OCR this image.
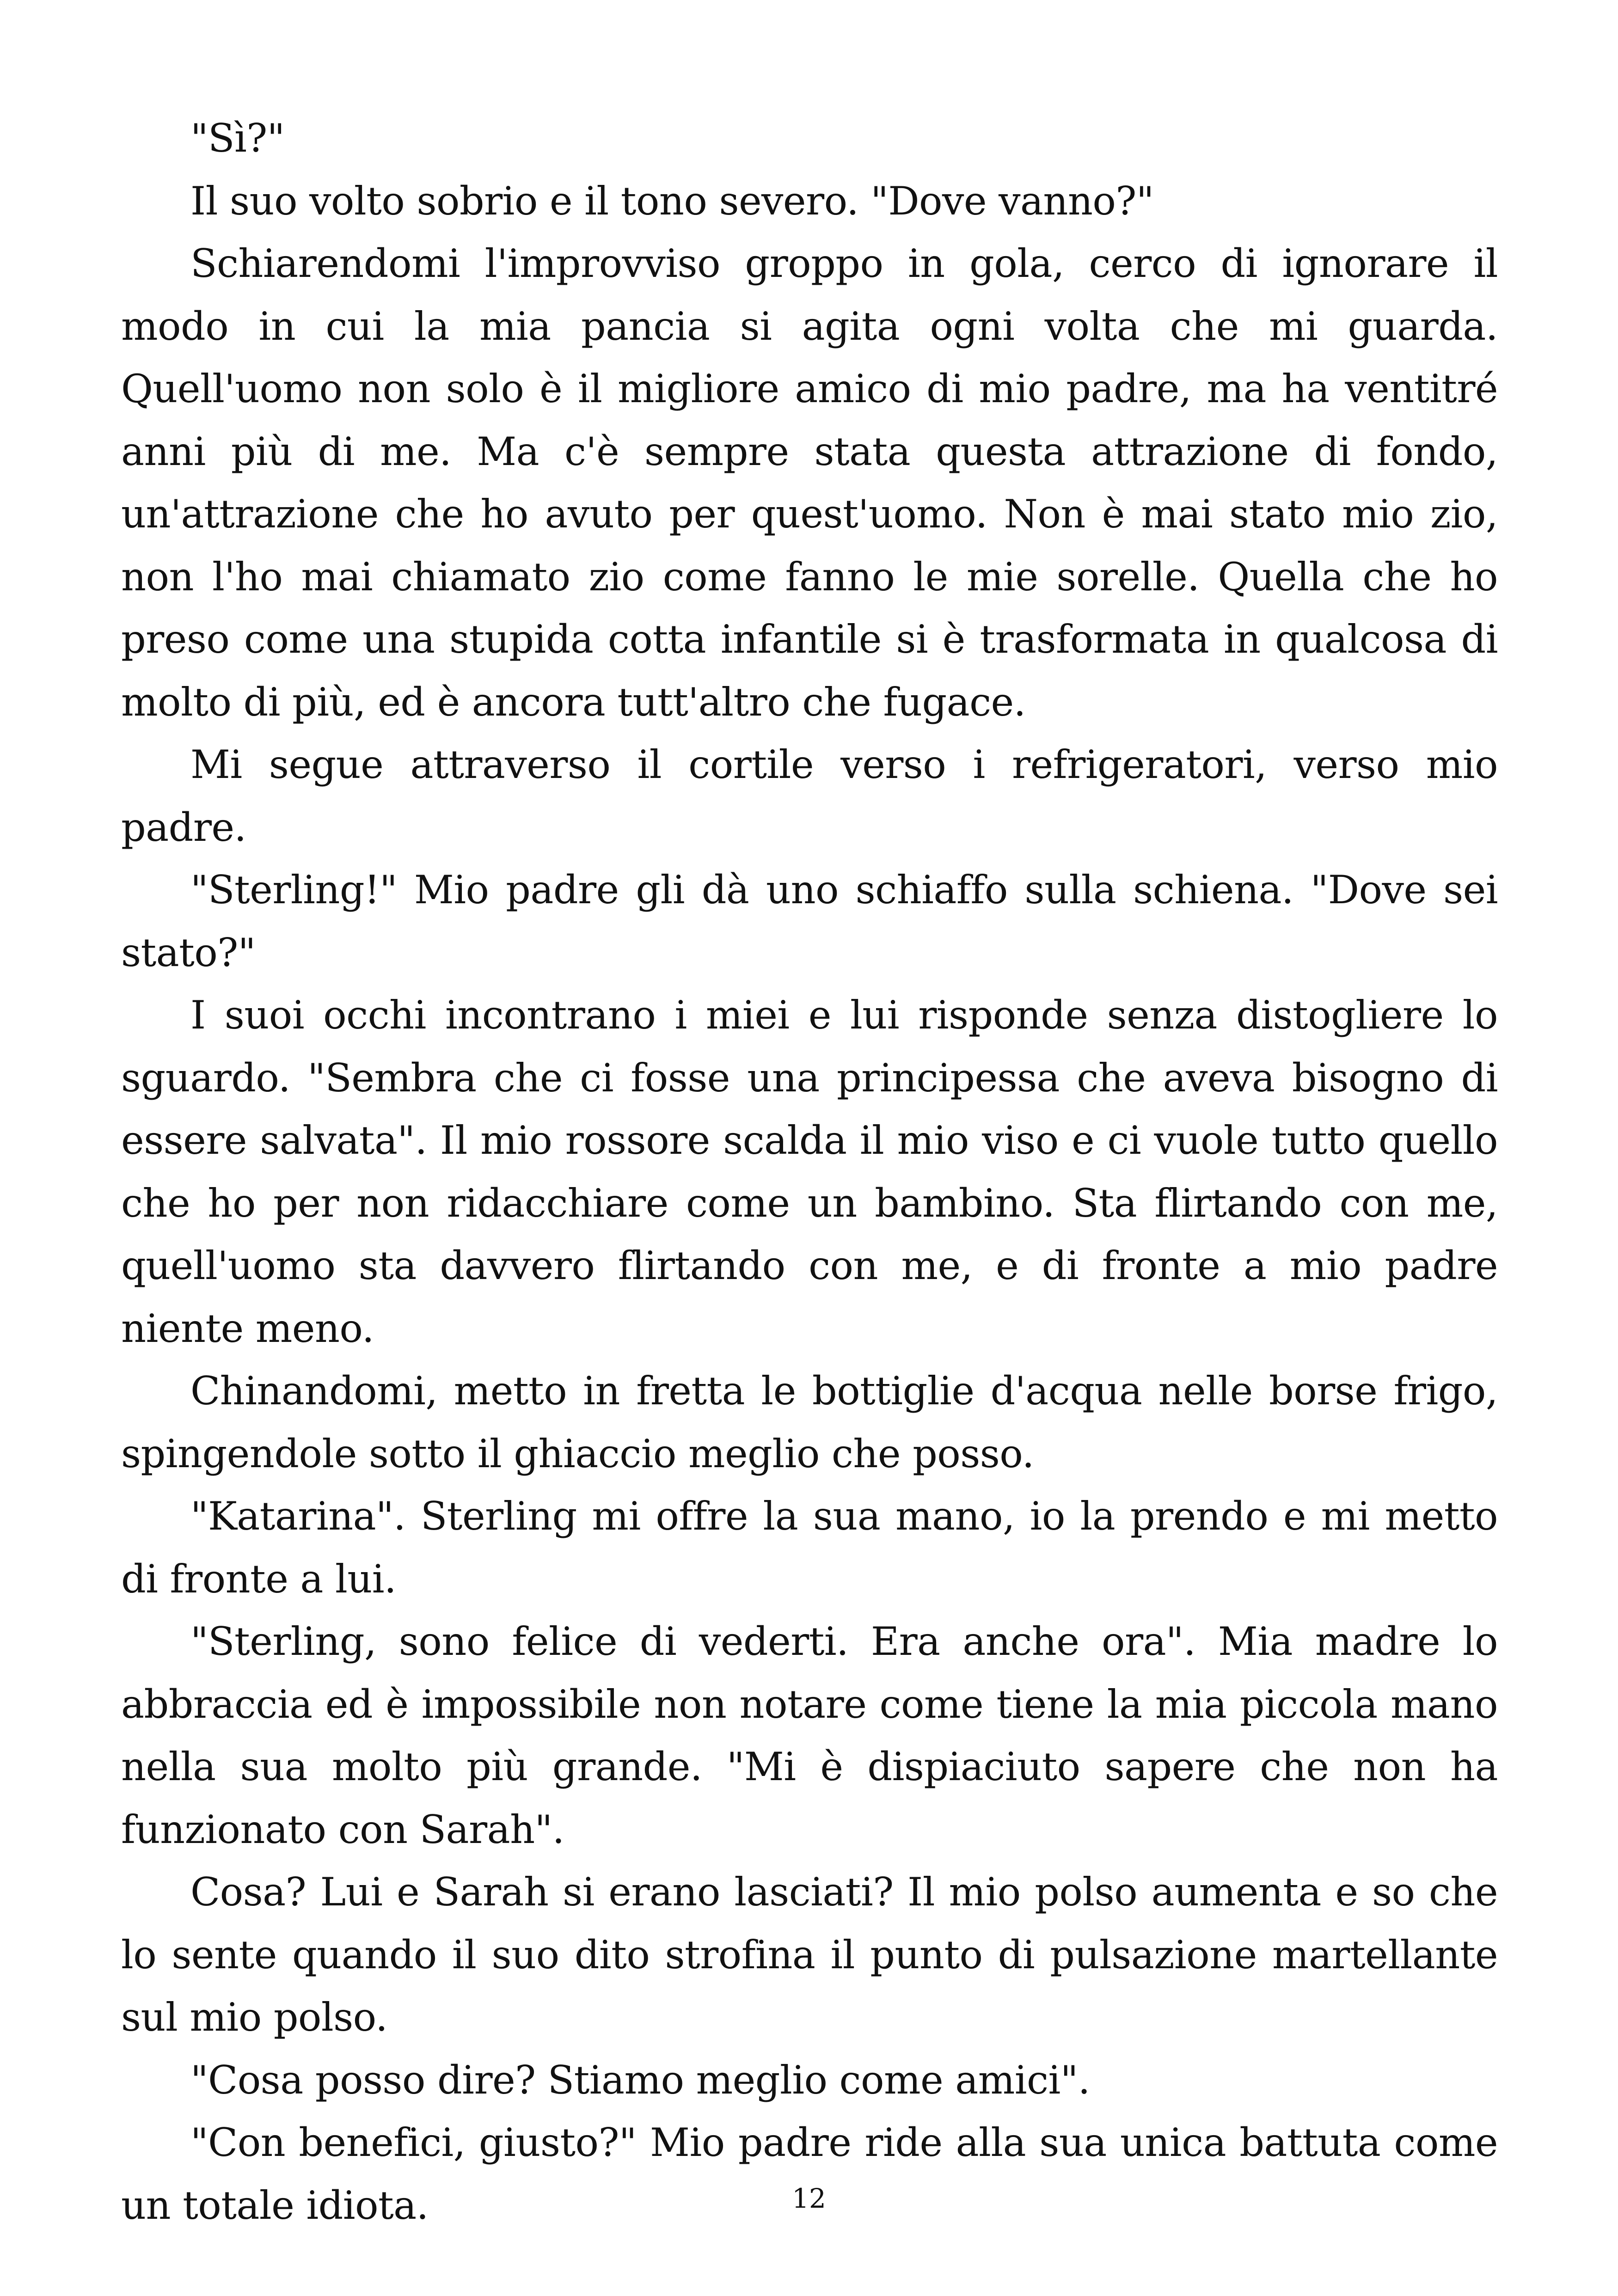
"Sì?"

Il suo volto sobrio e il tono severo. "Dove vanno?"

Schiarendomi l'improvviso groppo in gola, cerco di ignorare il modo in cui la mia pancia si agita ogni volta che mi guarda. Quell'uomo non solo è il migliore amico di mio padre, ma ha ventitré anni più di me. Ma c'è sempre stata questa attrazione di fondo, un'attrazione che ho avuto per quest'uomo. Non è mai stato mio zio, non l'ho mai chiamato zio come fanno le mie sorelle. Quella che ho preso come una stupida cotta infantile si è trasformata in qualcosa di molto di più, ed è ancora tutt'altro che fugace.

Mi segue attraverso il cortile verso i refrigeratori, verso mio padre.

"Sterling!" Mio padre gli dà uno schiaffo sulla schiena. "Dove sei stato?"

I suoi occhi incontrano i miei e lui risponde senza distogliere lo sguardo. "Sembra che ci fosse una principessa che aveva bisogno di essere salvata". Il mio rossore scalda il mio viso e ci vuole tutto quello che ho per non ridacchiare come un bambino. Sta flirtando con me, quell'uomo sta davvero flirtando con me, e di fronte a mio padre niente meno.

Chinandomi, metto in fretta le bottiglie d'acqua nelle borse frigo, spingendole sotto il ghiaccio meglio che posso.

"Katarina". Sterling mi offre la sua mano, io la prendo e mi metto di fronte a lui.

"Sterling, sono felice di vederti. Era anche ora". Mia madre lo abbraccia ed è impossibile non notare come tiene la mia piccola mano nella sua molto più grande. "Mi è dispiaciuto sapere che non ha funzionato con Sarah".

Cosa? Lui e Sarah si erano lasciati? Il mio polso aumenta e so che lo sente quando il suo dito strofina il punto di pulsazione martellante sul mio polso.

"Cosa posso dire? Stiamo meglio come amici".

"Con benefici, giusto?" Mio padre ride alla sua unica battuta come un totale idiota.	12
